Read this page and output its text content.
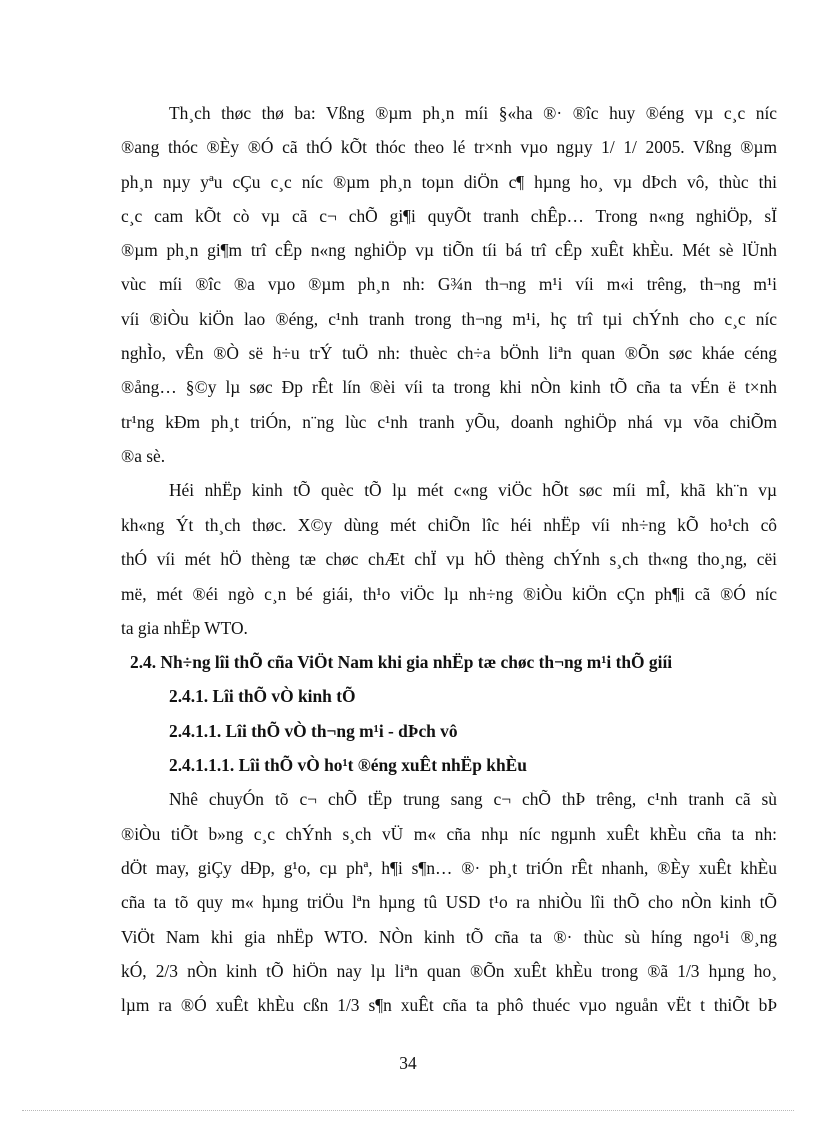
Th¸ch thøc thø ba: Vßng ®µm ph¸n míi §«ha ®· ®îc huy ®éng vµ c¸c níc

®ang thóc ®Èy ®Ó cã thÓ kÕt thóc theo lé tr×nh vµo ngµy 1/ 1/ 2005. Vßng ®µm

ph¸n nµy yªu cÇu c¸c níc ®µm ph¸n toµn diÖn c¶ hµng ho¸ vµ dÞch vô, thùc thi

c¸c cam kÕt cò vµ cã c¬ chÕ gi¶i quyÕt tranh chÊp… Trong n«ng nghiÖp, sÏ

®µm ph¸n gi¶m trî cÊp n«ng nghiÖp vµ tiÕn tíi bá trî cÊp xuÊt khÈu. Mét sè lÜnh

vùc míi ®îc ®a vµo ®µm ph¸n nh: G¾n th¬ng m¹i víi m«i trêng, th¬ng m¹i

víi ®iÒu kiÖn lao ®éng, c¹nh tranh trong th¬ng m¹i, hç trî tµi chÝnh cho c¸c níc

nghÌo, vÊn ®Ò së h÷u trÝ tuÖ nh: thuèc ch÷a bÖnh liªn quan ®Õn søc kháe céng

®ång… §©y lµ søc Ðp rÊt lín ®èi víi ta trong khi nÒn kinh tÕ cña ta vÉn ë t×nh

tr¹ng kÐm ph¸t triÓn, n¨ng lùc c¹nh tranh yÕu, doanh nghiÖp nhá vµ võa chiÕm

®a sè.

Héi nhËp kinh tÕ quèc tÕ lµ mét c«ng viÖc hÕt søc míi mÎ, khã kh¨n vµ

kh«ng Ýt th¸ch thøc. X©y dùng mét chiÕn lîc héi nhËp víi nh÷ng kÕ ho¹ch cô

thÓ víi mét hÖ thèng tæ chøc chÆt chÏ vµ hÖ thèng chÝnh s¸ch th«ng tho¸ng, cëi

më, mét ®éi ngò c¸n bé giái, th¹o viÖc lµ nh÷ng ®iÒu kiÖn cÇn ph¶i cã ®Ó níc

ta gia nhËp WTO.

2.4. Nh÷ng lîi thÕ cña ViÖt Nam khi gia nhËp tæ chøc th¬ng m¹i thÕ giíi

2.4.1. Lîi thÕ vÒ kinh tÕ

2.4.1.1. Lîi thÕ vÒ th¬ng m¹i - dÞch vô

2.4.1.1.1. Lîi thÕ vÒ ho¹t ®éng xuÊt nhËp khÈu

Nhê chuyÓn tõ c¬ chÕ tËp trung sang c¬ chÕ thÞ trêng, c¹nh tranh cã sù

®iÒu tiÕt b»ng c¸c chÝnh s¸ch vÜ m« cña nhµ níc ngµnh xuÊt khÈu cña ta nh:

dÖt may, giÇy dÐp, g¹o, cµ phª, h¶i s¶n… ®· ph¸t triÓn rÊt nhanh, ®Èy xuÊt khÈu

cña ta tõ quy m« hµng triÖu lªn hµng tû USD t¹o ra nhiÒu lîi thÕ cho nÒn kinh tÕ

ViÖt Nam khi gia nhËp WTO. NÒn kinh tÕ cña ta ®· thùc sù híng ngo¹i ®¸ng

kÓ, 2/3 nÒn kinh tÕ hiÖn nay lµ liªn quan ®Õn xuÊt khÈu trong ®ã 1/3 hµng ho¸

lµm ra ®Ó xuÊt khÈu cßn 1/3 s¶n xuÊt cña ta phô thuéc vµo nguån vËt t thiÕt bÞ

34
